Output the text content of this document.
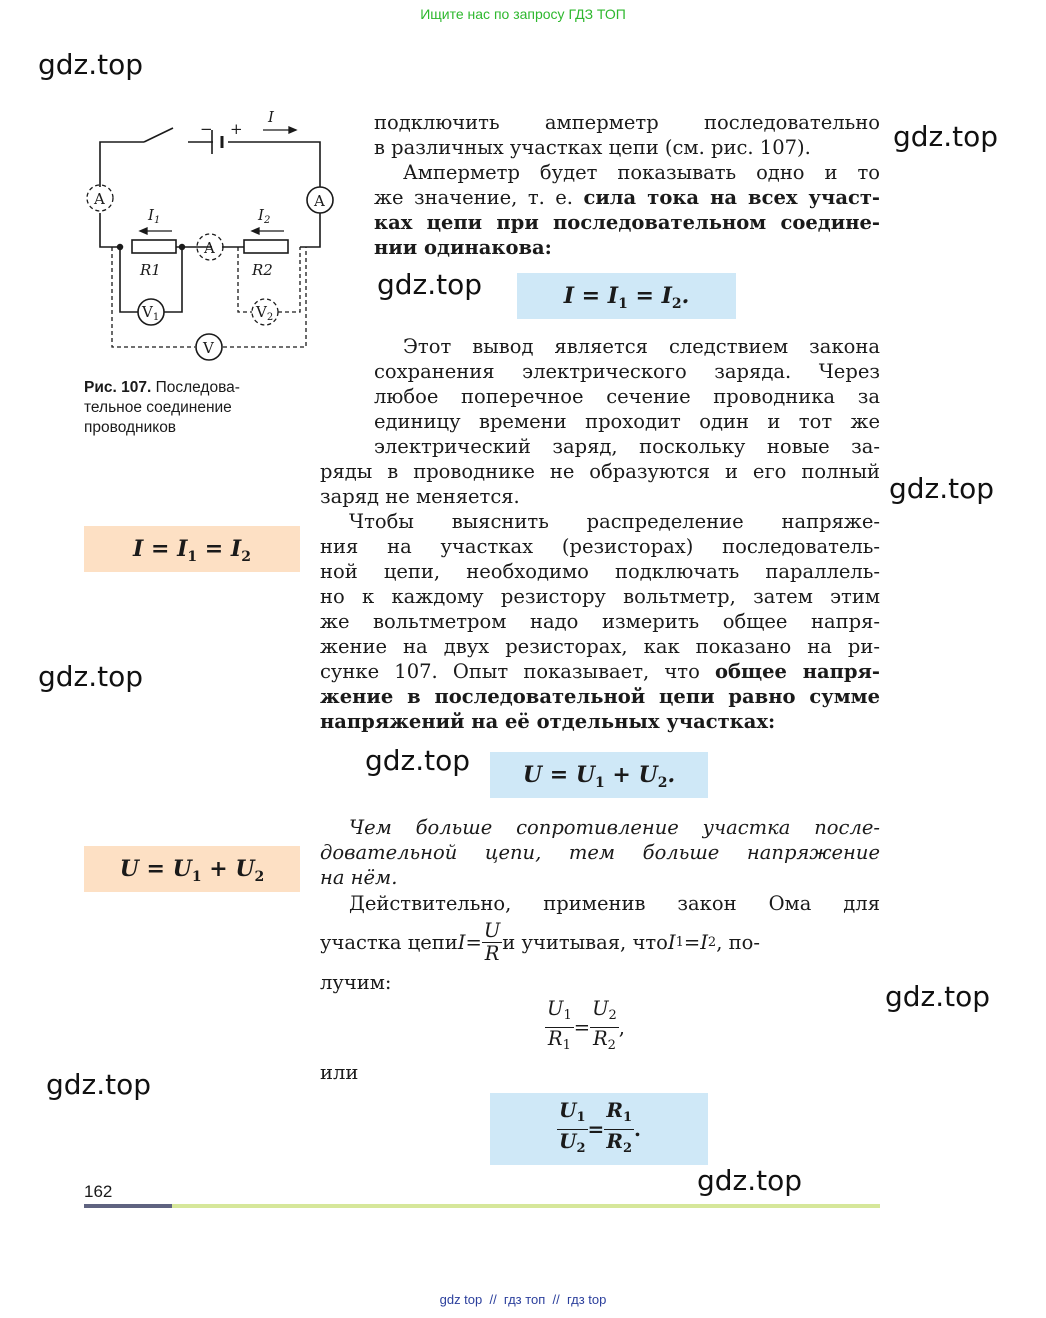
Ищите нас по запросу ГДЗ ТОП
I
− +
$I_1$	$I_2$
R1	R2
A	A
A
$V_1$	$V_2$
V
Рис. 107. Последова-
тельное соединение
проводников
подключить амперметр последовательно
в различных участках цепи (см. рис. 107).
Амперметр будет показывать одно и то
же значение, т. е. сила тока на всех участ-
ках цепи при последовательном соедине-
нии одинакова:
$I = I_1 = I_2$.
Этот вывод является следствием закона
сохранения электрического заряда. Через
любое поперечное сечение проводника за
единицу времени проходит один и тот же
электрический заряд, поскольку новые за-
ряды в проводнике не образуются и его полный
заряд не меняется.
Чтобы выяснить распределение напряже-
ния на участках (резисторах) последователь-
ной цепи, необходимо подключать параллель-
но к каждому резистору вольтметр, затем этим
же вольтметром надо измерить общее напря-
жение на двух резисторах, как показано на ри-
сунке 107. Опыт показывает, что общее напря-
жение в последовательной цепи равно сумме
напряжений на её отдельных участках:
$I = I_1 = I_2$
$U = U_1 + U_2$.
$U = U_1 + U_2$
Чем больше сопротивление участка после-
довательной цепи, тем больше напряжение
на нём.
Действительно, применив закон Ома для
участка цепи $I = \frac{U}{R}$ и учитывая, что I 1 = I 2 , по-
лучим:
$\frac{U_1}{R_1} = \frac{U_2}{R_2}$ ,
или
$\frac{U_1}{U_2} = \frac{R_1}{R_2}$ .
162
gdz.top
gdz.top
gdz.top
gdz.top
gdz.top
gdz.top
gdz.top
gdz.top
gdz.top
gdz top  //  гдз топ  //  гдз top
